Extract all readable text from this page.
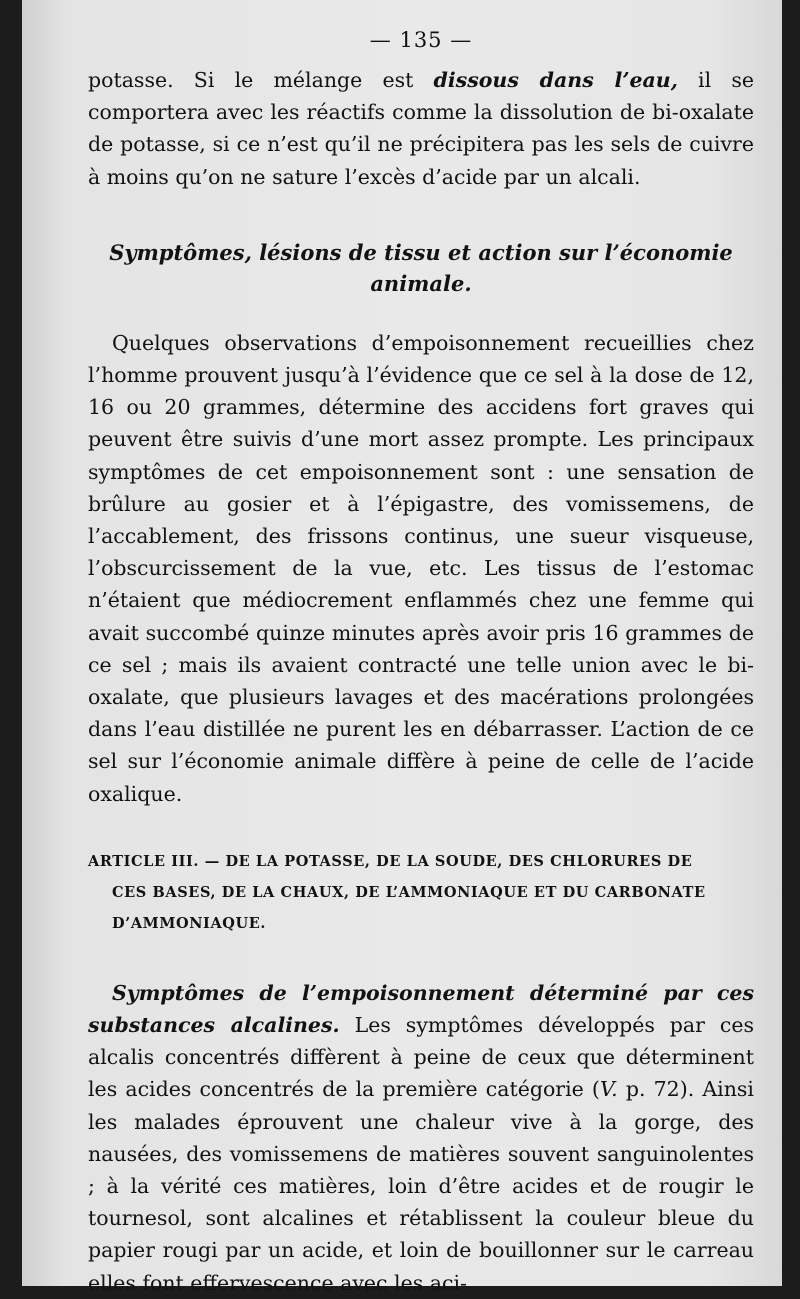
— 135 —

potasse. Si le mélange est dissous dans l’eau, il se comportera avec les réactifs comme la dissolution de bi-oxalate de potasse, si ce n’est qu’il ne précipitera pas les sels de cuivre à moins qu’on ne sature l’excès d’acide par un alcali.

Symptômes, lésions de tissu et action sur l’économie
animale.

Quelques observations d’empoisonnement recueillies chez l’homme prouvent jusqu’à l’évidence que ce sel à la dose de 12, 16 ou 20 grammes, détermine des accidens fort graves qui peuvent être suivis d’une mort assez prompte. Les principaux symptômes de cet empoisonnement sont : une sensation de brûlure au gosier et à l’épigastre, des vomissemens, de l’accablement, des frissons continus, une sueur visqueuse, l’obscurcissement de la vue, etc. Les tissus de l’estomac n’étaient que médiocrement enflammés chez une femme qui avait succombé quinze minutes après avoir pris 16 grammes de ce sel ; mais ils avaient contracté une telle union avec le bi-oxalate, que plusieurs lavages et des macérations prolongées dans l’eau distillée ne purent les en débarrasser. L’action de ce sel sur l’économie animale diffère à peine de celle de l’acide oxalique.

ARTICLE III. — DE LA POTASSE, DE LA SOUDE, DES CHLORURES DE
CES BASES, DE LA CHAUX, DE L’AMMONIAQUE ET DU CARBONATE
D’AMMONIAQUE.

Symptômes de l’empoisonnement déterminé par ces substances alcalines. Les symptômes développés par ces alcalis concentrés diffèrent à peine de ceux que déterminent les acides concentrés de la première catégorie (V. p. 72). Ainsi les malades éprouvent une chaleur vive à la gorge, des nausées, des vomissemens de matières souvent sanguinolentes ; à la vérité ces matières, loin d’être acides et de rougir le tournesol, sont alcalines et rétablissent la couleur bleue du papier rougi par un acide, et loin de bouillonner sur le carreau elles font effervescence avec les aci-
